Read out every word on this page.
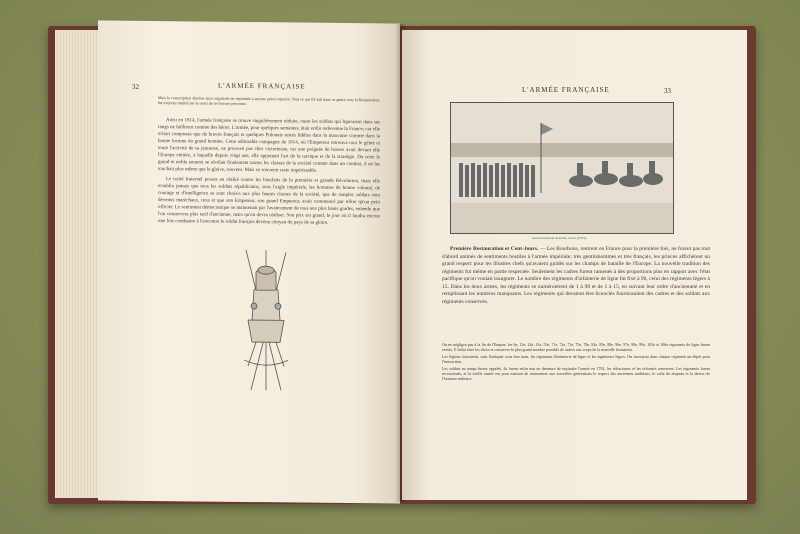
32	L'ARMÉE FRANÇAISE

Mais le conscription absolue ainsi organisée ne répondait à aucune préoccupation. Tout ce qui fut fait dans ce genre sous la Restauration, fut toujours inspiré par le souci de ne froisser personne.

Ainsi en 1814, l'armée française se trouve singulièrement réduite, outre les soldats qui figuraient dans ses rangs ne faillirent comme des héros. L'armée, pour quelques semaines, était enfin redevenue la France; car elle n'était composée que de braves français et quelques Polonais restés fidèles dans la mauvaise comme dans la bonne fortune du grand homme. Cette admirable campagne de 1814, où l'Empereur retrouva tout le génie et toute l'activité de sa jeunesse, ne prouvait pas cher victorieuse, car une poignée de braves avait devant elle l'Europe entière, à laquelle depuis vingt ans, elle apprenait l'art de la tactique et de la stratégie. Du reste le grand et noble ennemi se révélait finalement toutes les classes de la société comme dans un combat, il ne les touchait plus même que le glaive, souvent. Mais ce souvenir reste impérissable.

Le traité fraternel posera en réalité contre les bienfaits de la première et grande Révolution, mais elle n'oublia jamais que tous les soldats républicains, sous l'aigle impériale, les hommes de bonne volonté, de courage et d'intelligence se sont choisis aux plus hautes classes de la société, que de simples soldats sont devenus maréchaux, tous et que son Empereur, son grand Empereur, avait commencé par n'être qu'un petit officier. Le sentiment démocratique se maintenait par l'avancement de tous aux plus hauts grades; entendu que l'on conservera plus tard d'ancienne, mais qu'on devra réaliser. Son prix est grand, le jour où il faudra encore une fois combattre à l'encontre le soldat français devenu citoyen du pays de sa gloire.

L'ARMÉE FRANÇAISE	33
Garde nationale de Paris, revue (1815).

Première Restauration et Cent-Jours. — Les Bourbons, rentrent en France pour la première fois, ne furent pas tout d'abord animés de sentiments hostiles à l'armée impériale; très gentilshommes et très français, les princes affichèrent un grand respect pour les illustres chefs qu'avaient guidés sur les champs de bataille de l'Europe. La nouvelle tradition des régiments fut même en partie respectée. Seulement les cadres furent ramenés à des proportions plus en rapport avec l'état pacifique qu'on voulait inaugurer. Le nombre des régiments d'infanterie de ligne fut fixé à 90, celui des régiments légers à 15. Dans les deux armes, les régiments se numérotèrent de 1 à 90 et de 1 à 15, en suivant leur ordre d'ancienneté et en remplissant les numéros manquants. Les régiments qui devaient être licenciés fournissaient des cadres et des soldats aux régiments conservés.

On ne négligea pas à la fin de l'Empire, les 6e, 12e, 24e, 41e, 53e, 71e, 72e, 73e, 75e, 78e, 82e, 85e, 88e, 96e, 97e, 98e, 99e, 102e et 106e régiments de ligne furent versés. Il fallut faire les choix et conserver le plus grand nombre possible de cadres aux corps de la nouvelle formation.

Les légions fournirent, sans l'indiquer sous leur nom, les régiments d'infanterie de ligne et les ingénieurs légers. On incorpora dans chaque régiment un dépôt pour l'instruction.

Les soldats en temps furent appelés, ils furent enfin mis en demeure de rejoindre l'armée en 1792, les réfractaires et les réformés rentrèrent. Les régiments furent reconstitués, et la vieille armée eut pour mission de transmettre aux nouvelles générations le respect des anciennes traditions, le culte du drapeau et la devise de l'honneur militaire.
